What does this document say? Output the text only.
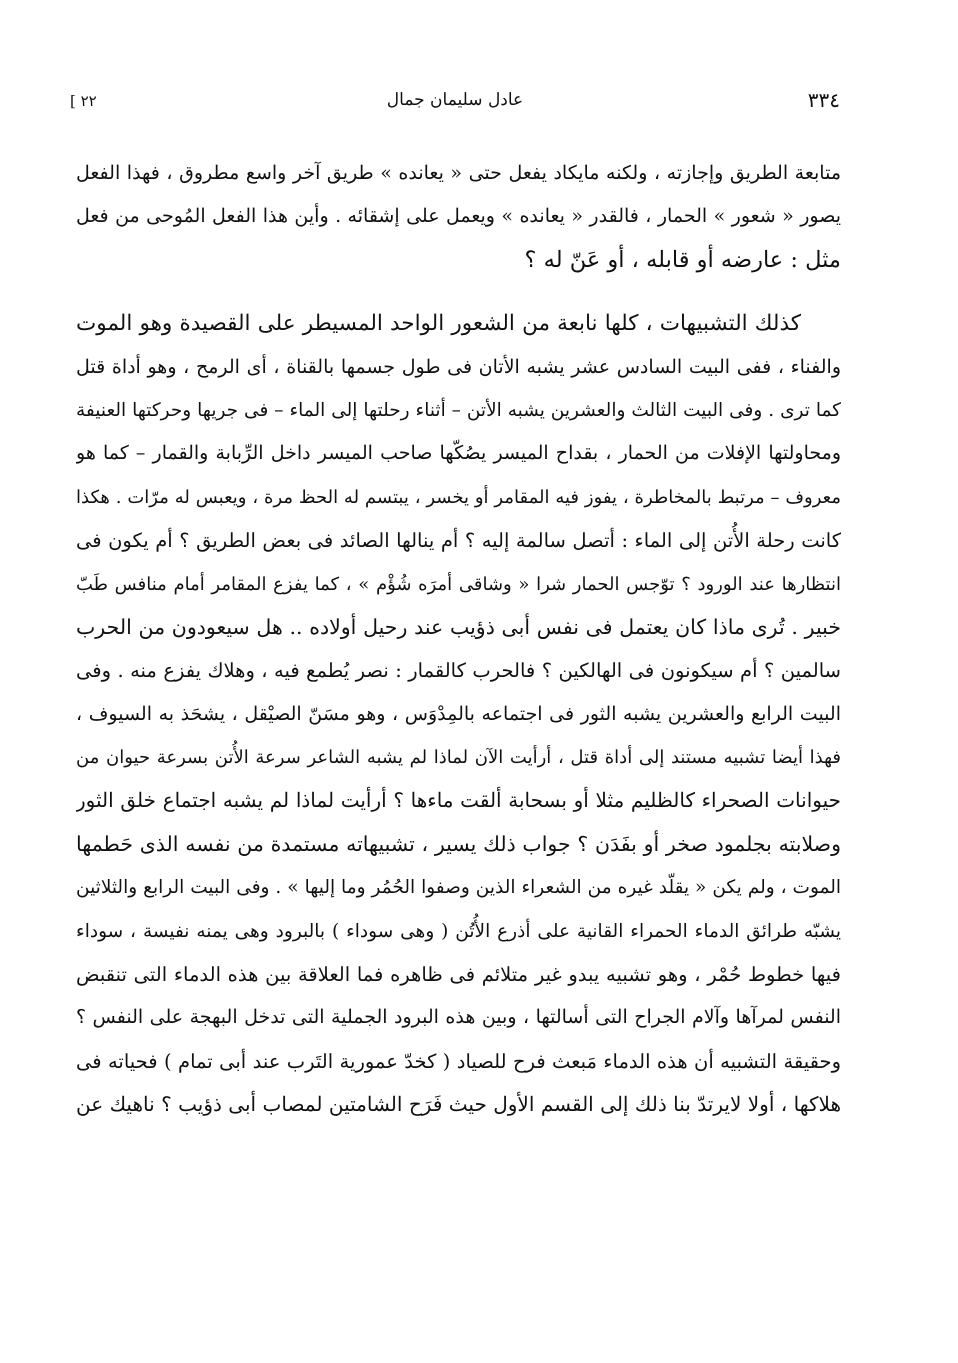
[ ٢٢	عادل سليمان جمال	٣٣٤
متابعة الطريق وإجازته ، ولكنه مايكاد يفعل حتى « يعانده » طريق آخر واسع مطروق ، فهذا الفعل
يصور « شعور » الحمار ، فالقدر « يعانده » ويعمل على إشقائه . وأين هذا الفعل المُوحى من فعل
مثل : عارضه أو قابله ، أو عَنّ له ؟
كذلك التشبيهات ، كلها نابعة من الشعور الواحد المسيطر على القصيدة وهو الموت
والفناء ، ففى البيت السادس عشر يشبه الأتان فى طول جسمها بالقناة ، أى الرمح ، وهو أداة قتل
كما ترى . وفى البيت الثالث والعشرين يشبه الأتن – أثناء رحلتها إلى الماء – فى جريها وحركتها العنيفة
ومحاولتها الإفلات من الحمار ، بقداح الميسر يصُكّها صاحب الميسر داخل الرِّبابة والقمار – كما هو
معروف – مرتبط بالمخاطرة ، يفوز فيه المقامر أو يخسر ، يبتسم له الحظ مرة ، ويعبس له مرّات . هكذا
كانت رحلة الأُتن إلى الماء : أتصل سالمة إليه ؟ أم ينالها الصائد فى بعض الطريق ؟ أم يكون فى
انتظارها عند الورود ؟ توّجس الحمار شرا « وشاقى أمرَه شُؤْم » ، كما يفزع المقامر أمام منافس طَبّ
خبير . تُرى ماذا كان يعتمل فى نفس أبى ذؤيب عند رحيل أولاده .. هل سيعودون من الحرب
سالمين ؟ أم سيكونون فى الهالكين ؟ فالحرب كالقمار : نصر يُطمع فيه ، وهلاك يفزع منه . وفى
البيت الرابع والعشرين يشبه الثور فى اجتماعه بالمِدْوَس ، وهو مسَنّ الصيْقل ، يشحَذ به السيوف ،
فهذا أيضا تشبيه مستند إلى أداة قتل ، أرأيت الآن لماذا لم يشبه الشاعر سرعة الأُتن بسرعة حيوان من
حيوانات الصحراء كالظليم مثلا أو بسحابة ألقت ماءها ؟ أرأيت لماذا لم يشبه اجتماع خلق الثور
وصلابته بجلمود صخر أو بفَدَن ؟ جواب ذلك يسير ، تشبيهاته مستمدة من نفسه الذى حَطمها
الموت ، ولم يكن « يقلّد غيره من الشعراء الذين وصفوا الحُمُر وما إليها » . وفى البيت الرابع والثلاثين
يشبّه طرائق الدماء الحمراء القانية على أذرع الأُتُن ( وهى سوداء ) بالبرود وهى يمنه نفيسة ، سوداء
فيها خطوط حُمْر ، وهو تشبيه يبدو غير متلائم فى ظاهره فما العلاقة بين هذه الدماء التى تنقبض
النفس لمرآها وآلام الجراح التى أسالتها ، وبين هذه البرود الجملية التى تدخل البهجة على النفس ؟
وحقيقة التشبيه أن هذه الدماء مَبعث فرح للصياد ( كخدّ عمورية التَرب عند أبى تمام ) فحياته فى
هلاكها ، أولا لايرتدّ بنا ذلك إلى القسم الأول حيث فَرَح الشامتين لمصاب أبى ذؤيب ؟ ناهيك عن
